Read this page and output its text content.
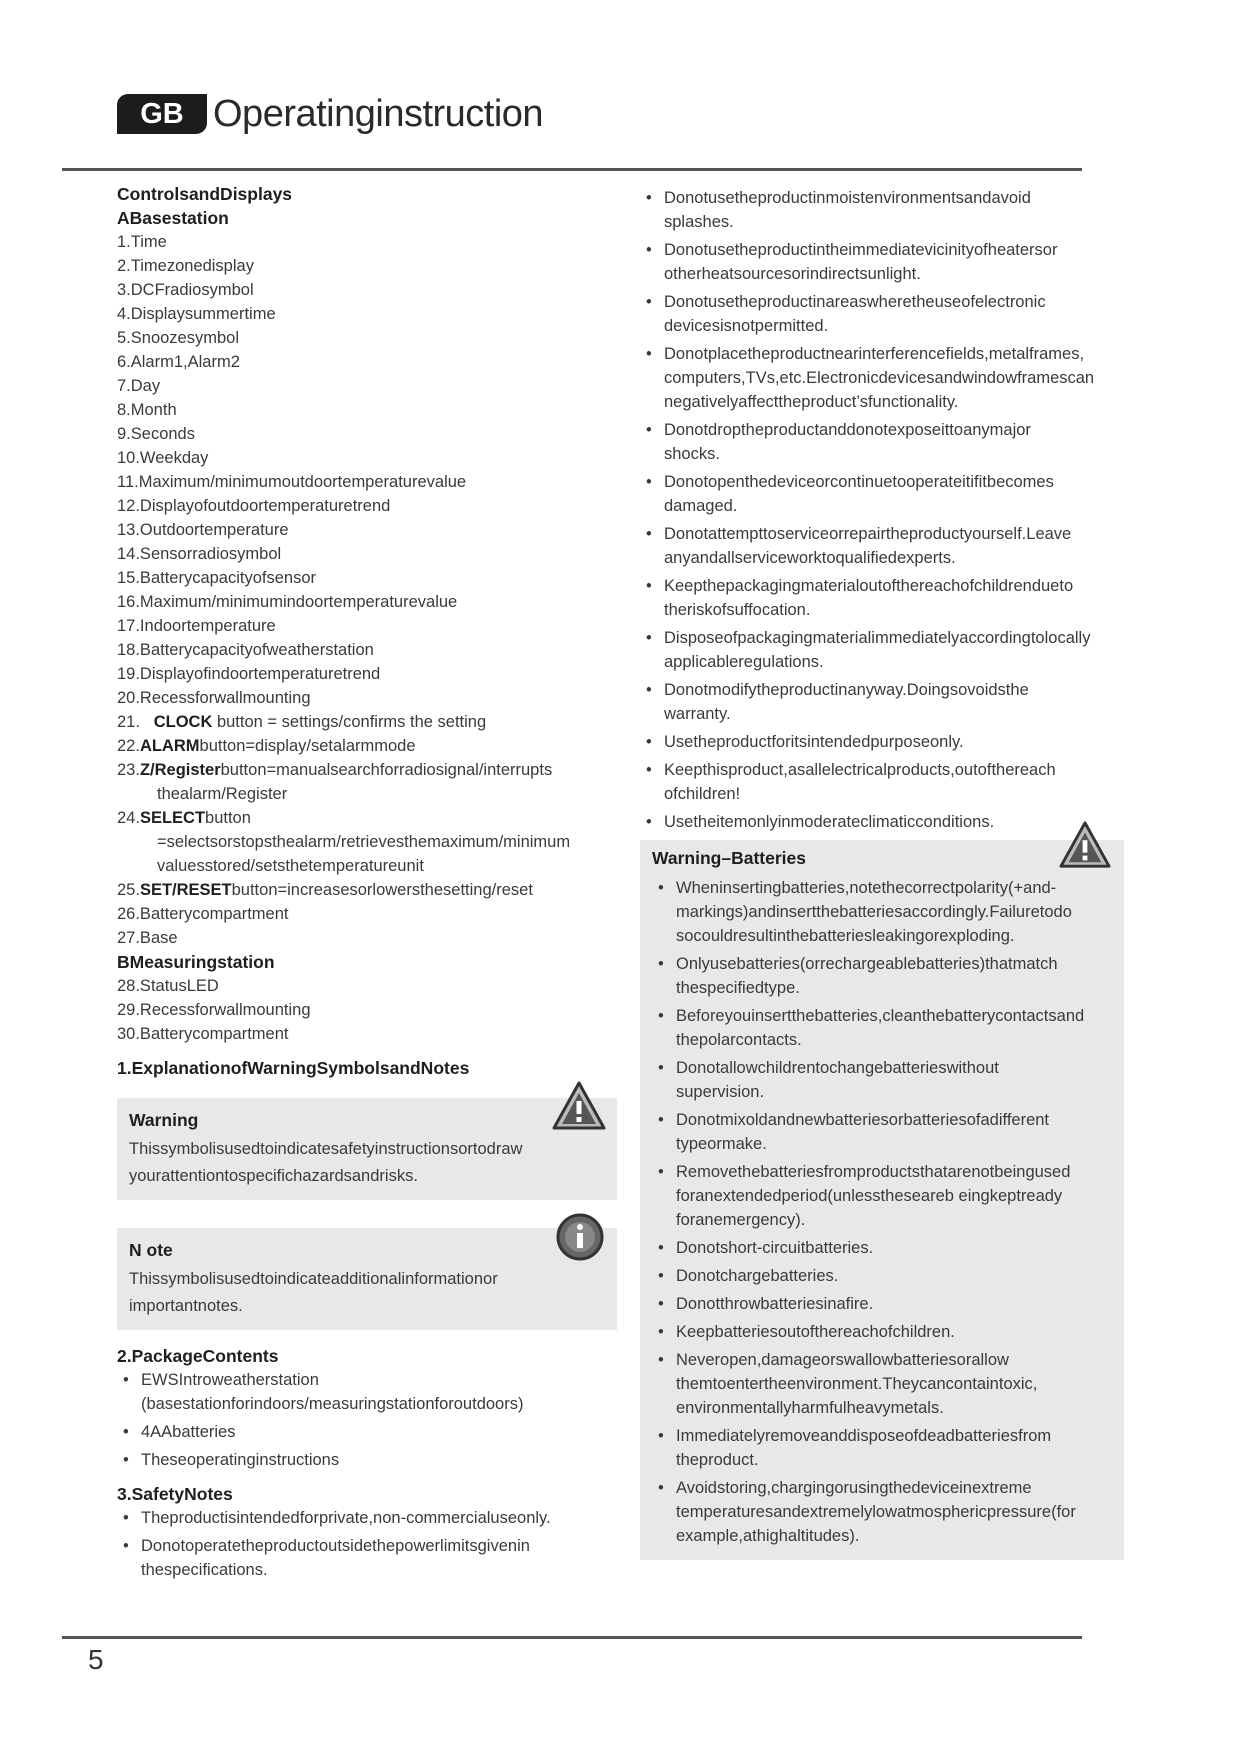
GB Operatinginstruction
ControlsandDisplays
ABasestation
1.Time
2.Timezonedisplay
3.DCFradiosymbol
4.Displaysummertime
5.Snoozesymbol
6.Alarm1,Alarm2
7.Day
8.Month
9.Seconds
10.Weekday
11.Maximum/minimumoutdoortemperaturevalue
12.Displayofoutdoortemperaturetrend
13.Outdoortemperature
14.Sensorradiosymbol
15.Batterycapacityofsensor
16.Maximum/minimumindoortemperaturevalue
17.Indoortemperature
18.Batterycapacityofweatherstation
19.Displayofindoortemperaturetrend
20.Recessforwallmounting
21. CLOCK button = settings/confirms the setting
22.ALARMbutton=display/setalarmmode
23.Z/Registerbutton=manualsearchforradiosignal/interrupts
thealarm/Register
24.SELECTbutton
=selectsorstopsthealarm/retrievesthemaximum/minimum
valuesstored/setsthetemperatureunit
25.SET/RESETbutton=increasesorlowersthesetting/reset
26.Batterycompartment
27.Base
BMeasuringstation
28.StatusLED
29.Recessforwallmounting
30.Batterycompartment
1.ExplanationofWarningSymbolsandNotes
Warning
Thissymbolisusedtoindicatesafetyinstructionsortodraw
yourattentiontospecifichazardsandrisks.
N ote
Thissymbolisusedtoindicateadditionalinformationor
importantnotes.
2.PackageContents
• EWSIntroweatherstation
(basestationforindoors/measuringstationforoutdoors)
• 4AAbatteries
• Theseoperatinginstructions
3.SafetyNotes
• Theproductisintendedforprivate,non-commercialuseonly.
• Donotoperatetheproductoutsidethepowerlimitsgivenin
thespecifications.
• Donotusetheproductinmoistenvironmentsandavoid
splashes.
• Donotusetheproductintheimmediatevicinityofheatersor
otherheatsourcesorindirectsunlight.
• Donotusetheproductinareaswheretheuseofelectronic
devicesisnotpermitted.
• Donotplacetheproductnearinterferencefields,metalframes,
computers,TVs,etc.Electronicdevicesandwindowframescan
negativelyaffecttheproduct’sfunctionality.
• Donotdroptheproductanddonotexposeittoanymajor
shocks.
• Donotopenthedeviceorcontinuetooperateitifitbecomes
damaged.
• Donotattempttoserviceorrepairtheproductyourself.Leave
anyandallserviceworktoqualifiedexperts.
• Keepthepackagingmaterialoutofthereachofchildrendueto
theriskofsuffocation.
• Disposeofpackagingmaterialimmediatelyaccordingtolocally
applicableregulations.
• Donotmodifytheproductinanyway.Doingsovoidsthe
warranty.
• Usetheproductforitsintendedpurposeonly.
• Keepthisproduct,asallelectricalproducts,outofthereach
ofchildren!
• Usetheitemonlyinmoderateclimaticconditions.
Warning–Batteries
• Wheninsertingbatteries,notethecorrectpolarity(+and-
markings)andinsertthebatteriesaccordingly.Failuretodo
socouldresultinthebatteriesleakingorexploding.
• Onlyusebatteries(orrechargeablebatteries)thatmatch
thespecifiedtype.
• Beforeyouinsertthebatteries,cleanthebatterycontactsand
thepolarcontacts.
• Donotallowchildrentochangebatterieswithout
supervision.
• Donotmixoldandnewbatteriesorbatteriesofadifferent
typeormake.
• Removethebatteriesfromproductsthatarenotbeingused
foranextendedperiod(unlesstheseareb eingkeptready
foranemergency).
• Donotshort-circuitbatteries.
• Donotchargebatteries.
• Donotthrowbatteriesinafire.
• Keepbatteriesoutofthereachofchildren.
• Neveropen,damageorswallowbatteriesorallow
themtoentertheenvironment.Theycancontaintoxic,
environmentallyharmfulheavymetals.
• Immediatelyremoveanddisposeofdeadbatteriesfrom
theproduct.
• Avoidstoring,chargingorusingthedeviceinextreme
temperaturesandextremelylowatmosphericpressure(for
example,athighaltitudes).
5
